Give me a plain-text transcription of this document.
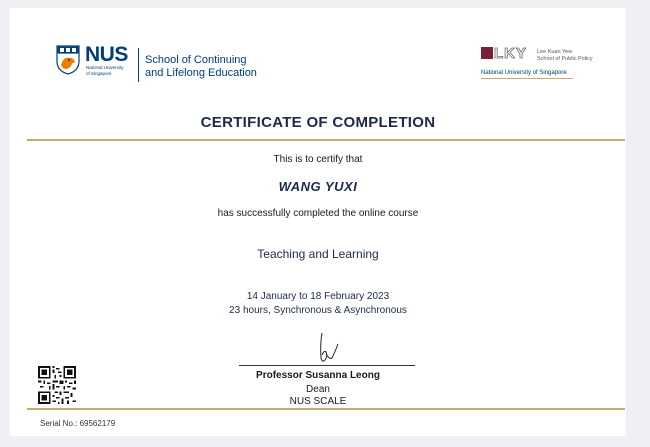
NUS
National University
of Singapore
School of Continuing
and Lifelong Education
LKY Lee Kuan Yew
School of Public Policy
National University of Singapore
CERTIFICATE OF COMPLETION
This is to certify that
WANG YUXI
has successfully completed the online course
Teaching and Learning
14 January to 18 February 2023
23 hours, Synchronous & Asynchronous
Professor Susanna Leong
Dean
NUS SCALE
Serial No.: 69562179
